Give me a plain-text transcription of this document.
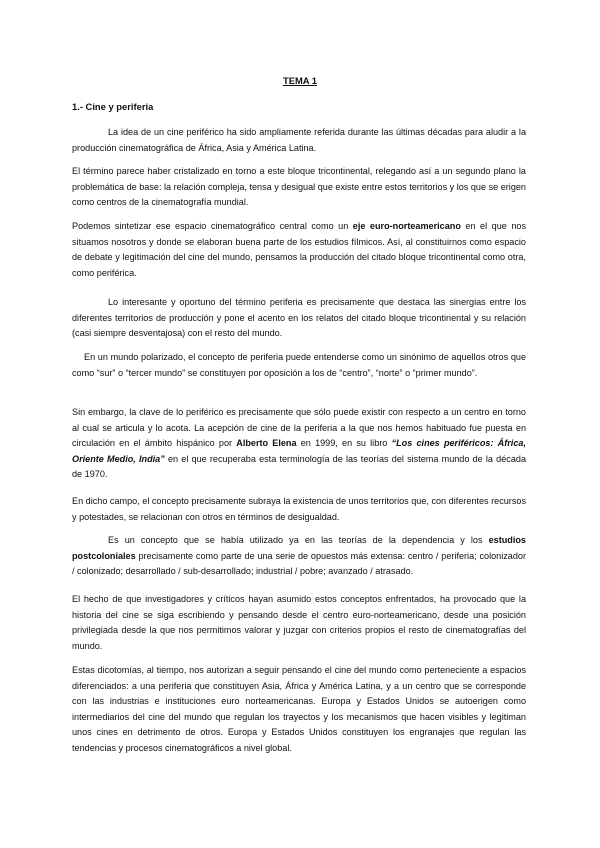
TEMA 1
1.- Cine y periferia

La idea de un cine periférico ha sido ampliamente referida durante las últimas décadas para aludir a la producción cinematográfica de África, Asia y América Latina.

El término parece haber cristalizado en torno a este bloque tricontinental, relegando así a un segundo plano la problemática de base: la relación compleja, tensa y desigual que existe entre estos territorios y los que se erigen como centros de la cinematografía mundial.

Podemos sintetizar ese espacio cinematográfico central como un eje euro-norteamericano en el que nos situamos nosotros y donde se elaboran buena parte de los estudios fílmicos. Así, al constituirnos como espacio de debate y legitimación del cine del mundo, pensamos la producción del citado bloque tricontinental como otra, como periférica.

Lo interesante y oportuno del término periferia es precisamente que destaca las sinergias entre los diferentes territorios de producción y pone el acento en los relatos del citado bloque tricontinental y su relación (casi siempre desventajosa) con el resto del mundo.

En un mundo polarizado, el concepto de periferia puede entenderse como un sinónimo de aquellos otros que como “sur” o “tercer mundo” se constituyen por oposición a los de “centro”, “norte” o “primer mundo”.

Sin embargo, la clave de lo periférico es precisamente que sólo puede existir con respecto a un centro en torno al cual se articula y lo acota. La acepción de cine de la periferia a la que nos hemos habituado fue puesta en circulación en el ámbito hispánico por Alberto Elena en 1999, en su libro “Los cines periféricos: África, Oriente Medio, India” en el que recuperaba esta terminología de las teorías del sistema mundo de la década de 1970.

En dicho campo, el concepto precisamente subraya la existencia de unos territorios que, con diferentes recursos y potestades, se relacionan con otros en términos de desigualdad.

Es un concepto que se había utilizado ya en las teorías de la dependencia y los estudios postcoloniales precisamente como parte de una serie de opuestos más extensa: centro / periferia; colonizador / colonizado; desarrollado / sub-desarrollado; industrial / pobre; avanzado / atrasado.

El hecho de que investigadores y críticos hayan asumido estos conceptos enfrentados, ha provocado que la historia del cine se siga escribiendo y pensando desde el centro euro-norteamericano, desde una posición privilegiada desde la que nos permitimos valorar y juzgar con criterios propios el resto de cinematografías del mundo.

Estas dicotomías, al tiempo, nos autorizan a seguir pensando el cine del mundo como perteneciente a espacios diferenciados: a una periferia que constituyen Asia, África y América Latina, y a un centro que se corresponde con las industrias e instituciones euro norteamericanas. Europa y Estados Unidos se autoerigen como intermediarios del cine del mundo que regulan los trayectos y los mecanismos que hacen visibles y legitiman unos cines en detrimento de otros. Europa y Estados Unidos constituyen los engranajes que regulan las tendencias y procesos cinematográficos a nivel global.
